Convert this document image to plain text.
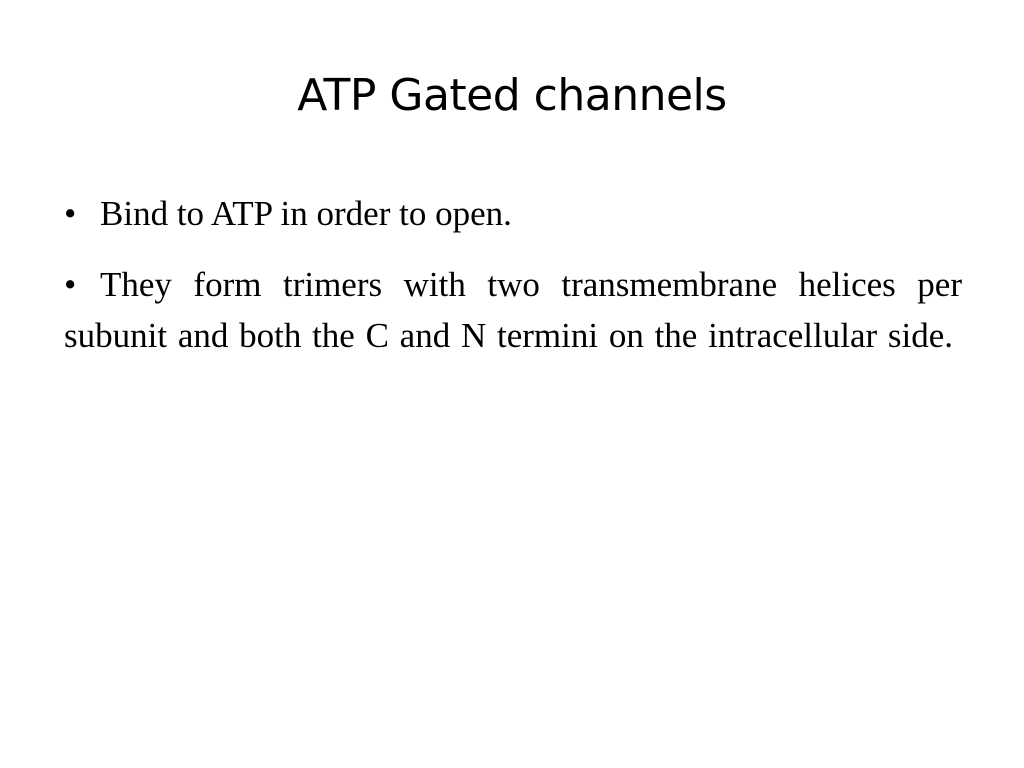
ATP Gated channels
• Bind to ATP in order to open.
• They form trimers with two transmembrane helices per subunit and both the C and N termini on the intracellular side.
